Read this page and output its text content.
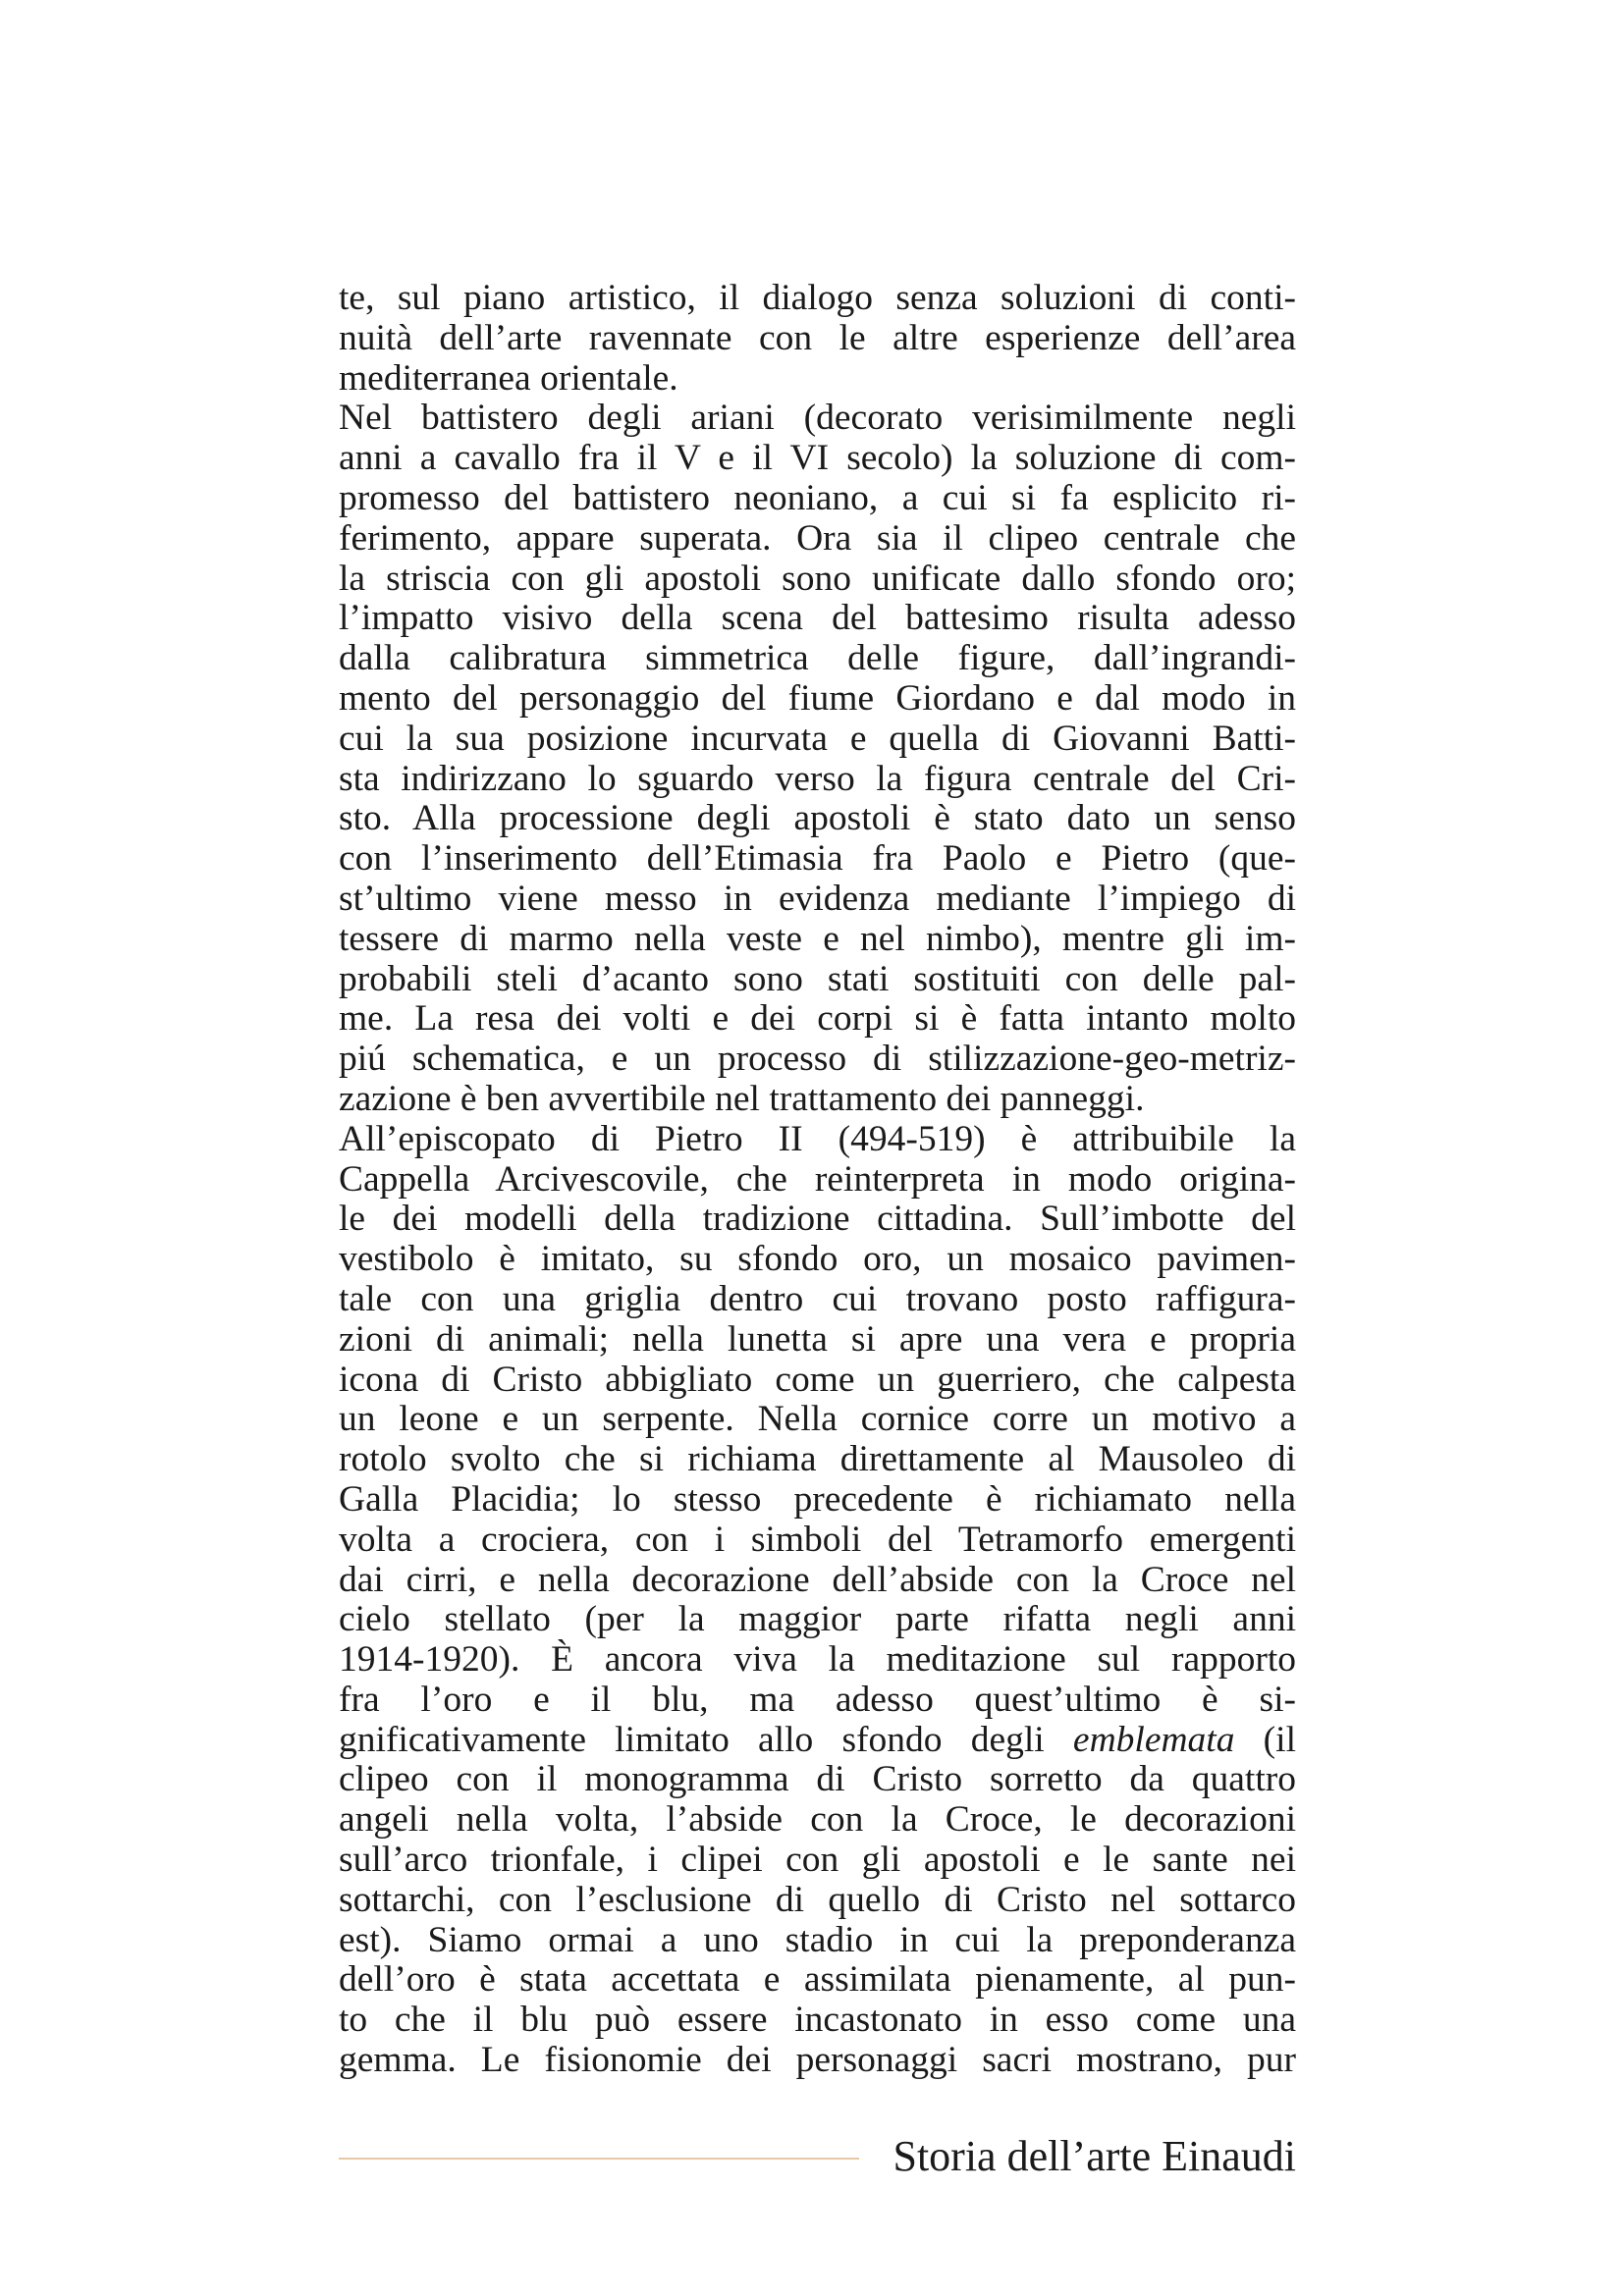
te, sul piano artistico, il dialogo senza soluzioni di conti-
nuità dell’arte ravennate con le altre esperienze dell’area
mediterranea orientale.
Nel battistero degli ariani (decorato verisimilmente negli
anni a cavallo fra il V e il VI secolo) la soluzione di com-
promesso del battistero neoniano, a cui si fa esplicito ri-
ferimento, appare superata. Ora sia il clipeo centrale che
la striscia con gli apostoli sono unificate dallo sfondo oro;
l’impatto visivo della scena del battesimo risulta adesso
dalla calibratura simmetrica delle figure, dall’ingrandi-
mento del personaggio del fiume Giordano e dal modo in
cui la sua posizione incurvata e quella di Giovanni Batti-
sta indirizzano lo sguardo verso la figura centrale del Cri-
sto. Alla processione degli apostoli è stato dato un senso
con l’inserimento dell’Etimasia fra Paolo e Pietro (que-
st’ultimo viene messo in evidenza mediante l’impiego di
tessere di marmo nella veste e nel nimbo), mentre gli im-
probabili steli d’acanto sono stati sostituiti con delle pal-
me. La resa dei volti e dei corpi si è fatta intanto molto
piú schematica, e un processo di stilizzazione-geo-metriz-
zazione è ben avvertibile nel trattamento dei panneggi.
All’episcopato di Pietro II (494-519) è attribuibile la
Cappella Arcivescovile, che reinterpreta in modo origina-
le dei modelli della tradizione cittadina. Sull’imbotte del
vestibolo è imitato, su sfondo oro, un mosaico pavimen-
tale con una griglia dentro cui trovano posto raffigura-
zioni di animali; nella lunetta si apre una vera e propria
icona di Cristo abbigliato come un guerriero, che calpesta
un leone e un serpente. Nella cornice corre un motivo a
rotolo svolto che si richiama direttamente al Mausoleo di
Galla Placidia; lo stesso precedente è richiamato nella
volta a crociera, con i simboli del Tetramorfo emergenti
dai cirri, e nella decorazione dell’abside con la Croce nel
cielo stellato (per la maggior parte rifatta negli anni
1914-1920). È ancora viva la meditazione sul rapporto
fra l’oro e il blu, ma adesso quest’ultimo è si-
gnificativamente limitato allo sfondo degli emblemata (il
clipeo con il monogramma di Cristo sorretto da quattro
angeli nella volta, l’abside con la Croce, le decorazioni
sull’arco trionfale, i clipei con gli apostoli e le sante nei
sottarchi, con l’esclusione di quello di Cristo nel sottarco
est). Siamo ormai a uno stadio in cui la preponderanza
dell’oro è stata accettata e assimilata pienamente, al pun-
to che il blu può essere incastonato in esso come una
gemma. Le fisionomie dei personaggi sacri mostrano, pur
Storia dell’arte Einaudi
